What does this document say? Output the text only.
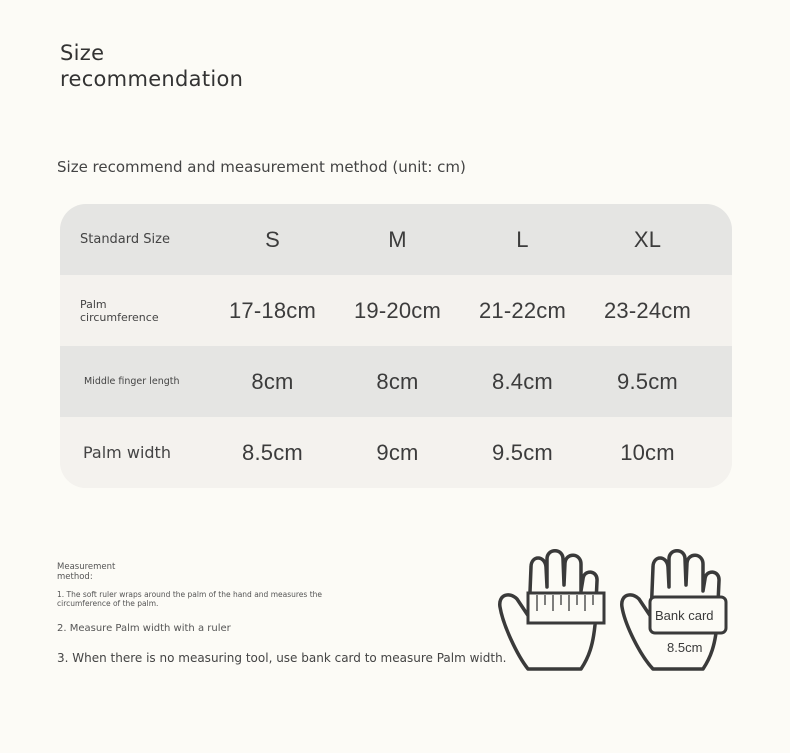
Size recommendation
Size recommend and measurement method (unit: cm)
Standard Size	S	M	L	XL
Palm circumference	17-18cm	19-20cm	21-22cm	23-24cm
Middle finger length	8cm	8cm	8.4cm	9.5cm
Palm width	8.5cm	9cm	9.5cm	10cm
Measurement method:
1. The soft ruler wraps around the palm of the hand and measures the circumference of the palm.
2. Measure Palm width with a ruler
3. When there is no measuring tool, use bank card to measure Palm width.
Bank card
8.5cm
